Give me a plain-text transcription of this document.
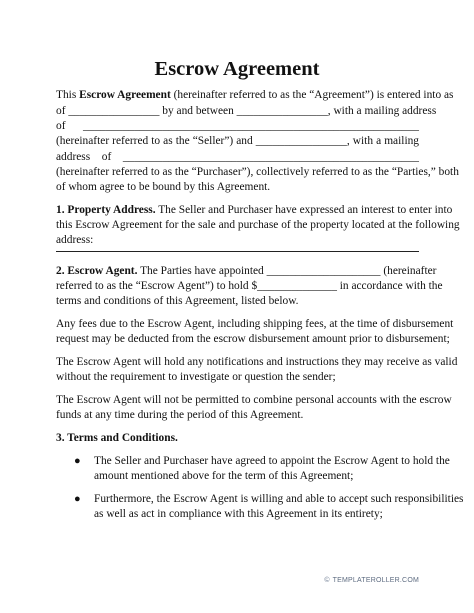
Escrow Agreement

This Escrow Agreement (hereinafter referred to as the “Agreement”) is entered into as

of ________________ by and between ________________, with a mailing address

of ___________________________________________________________

(hereinafter referred to as the “Seller”) and ________________, with a mailing

address of ____________________________________________________

(hereinafter referred to as the “Purchaser”), collectively referred to as the “Parties,” both

of whom agree to be bound by this Agreement.

1. Property Address. The Seller and Purchaser have expressed an interest to enter into

this Escrow Agreement for the sale and purchase of the property located at the following

address:

2. Escrow Agent. The Parties have appointed ____________________ (hereinafter

referred to as the “Escrow Agent”) to hold $______________ in accordance with the

terms and conditions of this Agreement, listed below.

Any fees due to the Escrow Agent, including shipping fees, at the time of disbursement

request may be deducted from the escrow disbursement amount prior to disbursement;

The Escrow Agent will hold any notifications and instructions they may receive as valid

without the requirement to investigate or question the sender;

The Escrow Agent will not be permitted to combine personal accounts with the escrow

funds at any time during the period of this Agreement.

3. Terms and Conditions.

● The Seller and Purchaser have agreed to appoint the Escrow Agent to hold the

amount mentioned above for the term of this Agreement;

● Furthermore, the Escrow Agent is willing and able to accept such responsibilities

as well as act in compliance with this Agreement in its entirety;

© TEMPLATEROLLER.COM
